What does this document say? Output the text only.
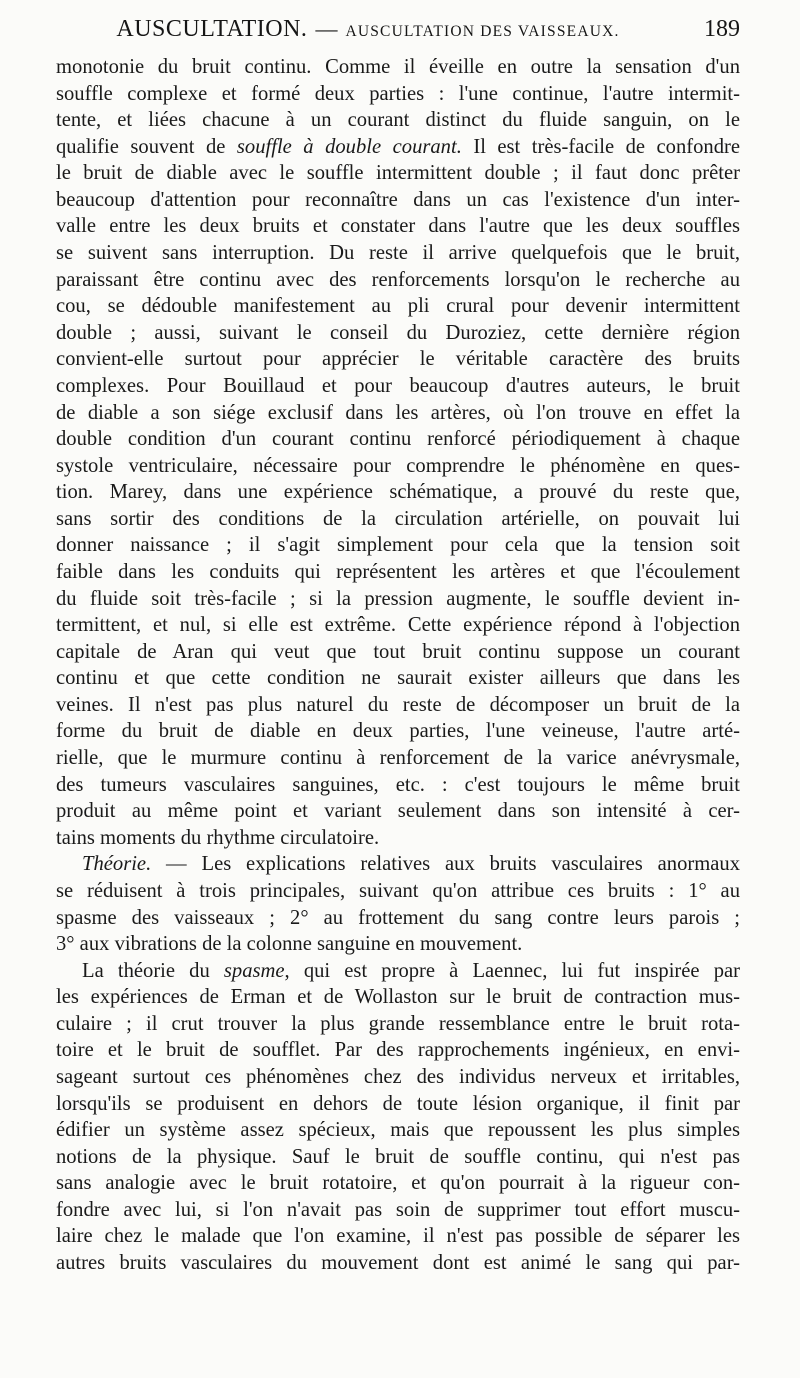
AUSCULTATION. — AUSCULTATION DES VAISSEAUX.	189
monotonie du bruit continu. Comme il éveille en outre la sensation d'un
souffle complexe et formé deux parties : l'une continue, l'autre intermit-
tente, et liées chacune à un courant distinct du fluide sanguin, on le
qualifie souvent de souffle à double courant. Il est très-facile de confondre
le bruit de diable avec le souffle intermittent double ; il faut donc prêter
beaucoup d'attention pour reconnaître dans un cas l'existence d'un inter-
valle entre les deux bruits et constater dans l'autre que les deux souffles
se suivent sans interruption. Du reste il arrive quelquefois que le bruit,
paraissant être continu avec des renforcements lorsqu'on le recherche au
cou, se dédouble manifestement au pli crural pour devenir intermittent
double ; aussi, suivant le conseil du Duroziez, cette dernière région
convient-elle surtout pour apprécier le véritable caractère des bruits
complexes. Pour Bouillaud et pour beaucoup d'autres auteurs, le bruit
de diable a son siége exclusif dans les artères, où l'on trouve en effet la
double condition d'un courant continu renforcé périodiquement à chaque
systole ventriculaire, nécessaire pour comprendre le phénomène en ques-
tion. Marey, dans une expérience schématique, a prouvé du reste que,
sans sortir des conditions de la circulation artérielle, on pouvait lui
donner naissance ; il s'agit simplement pour cela que la tension soit
faible dans les conduits qui représentent les artères et que l'écoulement
du fluide soit très-facile ; si la pression augmente, le souffle devient in-
termittent, et nul, si elle est extrême. Cette expérience répond à l'objection
capitale de Aran qui veut que tout bruit continu suppose un courant
continu et que cette condition ne saurait exister ailleurs que dans les
veines. Il n'est pas plus naturel du reste de décomposer un bruit de la
forme du bruit de diable en deux parties, l'une veineuse, l'autre arté-
rielle, que le murmure continu à renforcement de la varice anévrysmale,
des tumeurs vasculaires sanguines, etc. : c'est toujours le même bruit
produit au même point et variant seulement dans son intensité à cer-
tains moments du rhythme circulatoire.
Théorie. — Les explications relatives aux bruits vasculaires anormaux
se réduisent à trois principales, suivant qu'on attribue ces bruits : 1° au
spasme des vaisseaux ; 2° au frottement du sang contre leurs parois ;
3° aux vibrations de la colonne sanguine en mouvement.
La théorie du spasme, qui est propre à Laennec, lui fut inspirée par
les expériences de Erman et de Wollaston sur le bruit de contraction mus-
culaire ; il crut trouver la plus grande ressemblance entre le bruit rota-
toire et le bruit de soufflet. Par des rapprochements ingénieux, en envi-
sageant surtout ces phénomènes chez des individus nerveux et irritables,
lorsqu'ils se produisent en dehors de toute lésion organique, il finit par
édifier un système assez spécieux, mais que repoussent les plus simples
notions de la physique. Sauf le bruit de souffle continu, qui n'est pas
sans analogie avec le bruit rotatoire, et qu'on pourrait à la rigueur con-
fondre avec lui, si l'on n'avait pas soin de supprimer tout effort muscu-
laire chez le malade que l'on examine, il n'est pas possible de séparer les
autres bruits vasculaires du mouvement dont est animé le sang qui par-
